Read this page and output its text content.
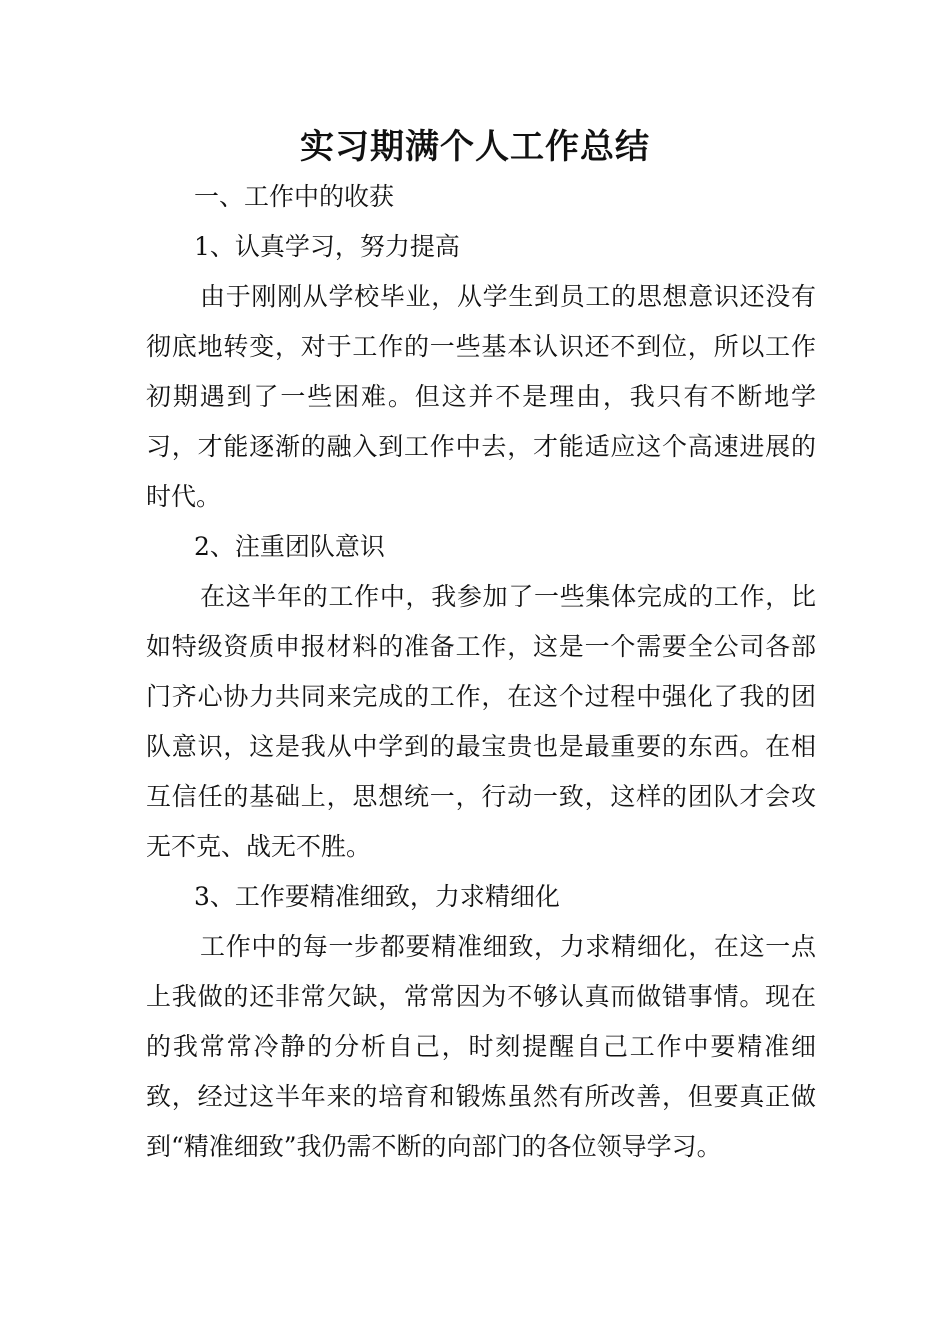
实习期满个人工作总结

一、工作中的收获

1、认真学习，努力提高

由于刚刚从学校毕业，从学生到员工的思想意识还没有彻底地转变，对于工作的一些基本认识还不到位，所以工作初期遇到了一些困难。但这并不是理由，我只有不断地学习，才能逐渐的融入到工作中去，才能适应这个高速进展的时代。

2、注重团队意识

在这半年的工作中，我参加了一些集体完成的工作，比如特级资质申报材料的准备工作，这是一个需要全公司各部门齐心协力共同来完成的工作，在这个过程中强化了我的团队意识，这是我从中学到的最宝贵也是最重要的东西。在相互信任的基础上，思想统一，行动一致，这样的团队才会攻无不克、战无不胜。

3、工作要精准细致，力求精细化

工作中的每一步都要精准细致，力求精细化，在这一点上我做的还非常欠缺，常常因为不够认真而做错事情。现在的我常常冷静的分析自己，时刻提醒自己工作中要精准细致，经过这半年来的培育和锻炼虽然有所改善，但要真正做到“精准细致”我仍需不断的向部门的各位领导学习。
